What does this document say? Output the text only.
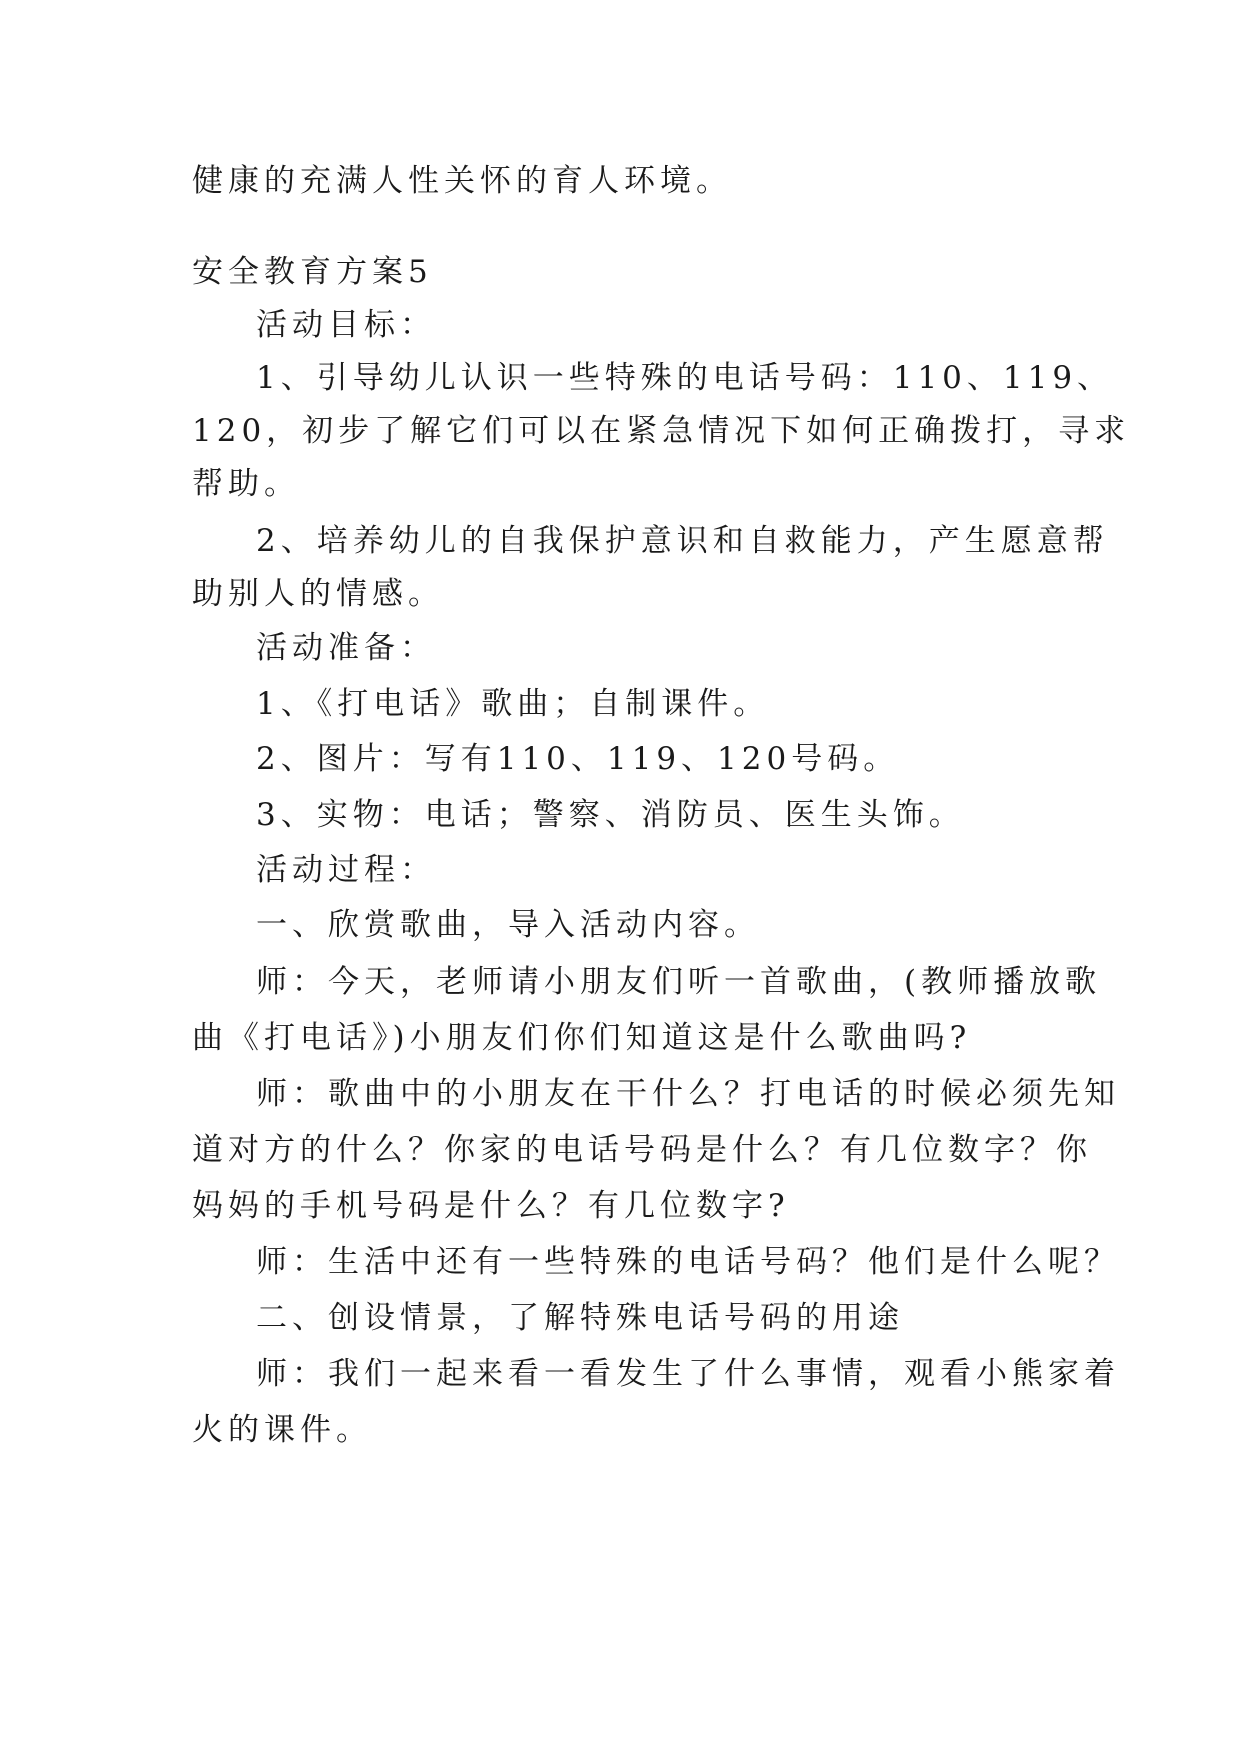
健康的充满人性关怀的育人环境。
安全教育方案5
活动目标：
1、引导幼儿认识一些特殊的电话号码：110、119、
120，初步了解它们可以在紧急情况下如何正确拨打，寻求
帮助。
2、培养幼儿的自我保护意识和自救能力，产生愿意帮
助别人的情感。
活动准备：
1、《打电话》歌曲；自制课件。
2、图片：写有110、119、120号码。
3、实物：电话；警察、消防员、医生头饰。
活动过程：
一、欣赏歌曲，导入活动内容。
师：今天，老师请小朋友们听一首歌曲，(教师播放歌
曲《打电话》)小朋友们你们知道这是什么歌曲吗?
师：歌曲中的小朋友在干什么？打电话的时候必须先知
道对方的什么？你家的电话号码是什么？有几位数字？你
妈妈的手机号码是什么？有几位数字?
师：生活中还有一些特殊的电话号码？他们是什么呢？
二、创设情景，了解特殊电话号码的用途
师：我们一起来看一看发生了什么事情，观看小熊家着
火的课件。
